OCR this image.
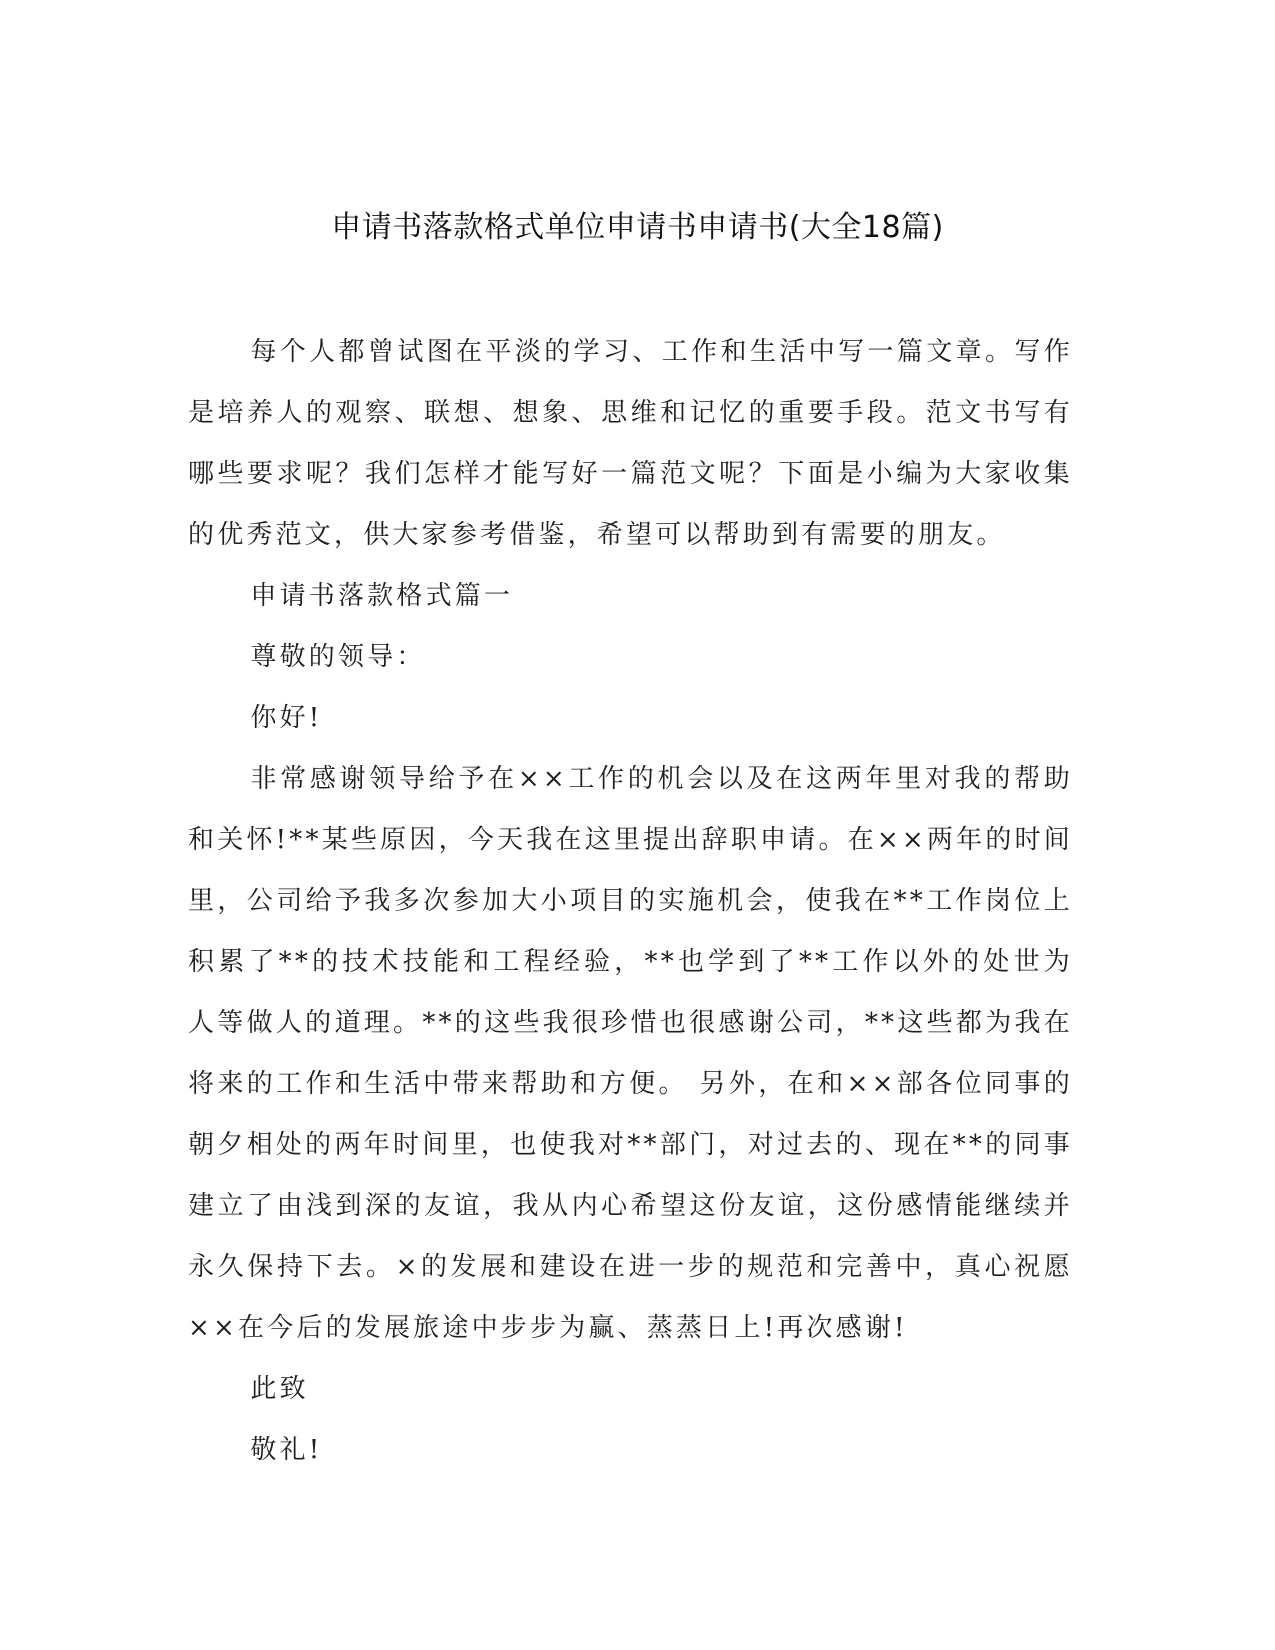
申请书落款格式单位申请书申请书(大全18篇)

每个人都曾试图在平淡的学习、工作和生活中写一篇文章。写作是培养人的观察、联想、想象、思维和记忆的重要手段。范文书写有哪些要求呢？我们怎样才能写好一篇范文呢？下面是小编为大家收集的优秀范文，供大家参考借鉴，希望可以帮助到有需要的朋友。

申请书落款格式篇一

尊敬的领导：

你好!

非常感谢领导给予在××工作的机会以及在这两年里对我的帮助和关怀!**某些原因，今天我在这里提出辞职申请。在××两年的时间里，公司给予我多次参加大小项目的实施机会，使我在**工作岗位上积累了**的技术技能和工程经验，**也学到了**工作以外的处世为人等做人的道理。**的这些我很珍惜也很感谢公司，**这些都为我在将来的工作和生活中带来帮助和方便。 另外，在和××部各位同事的朝夕相处的两年时间里，也使我对**部门，对过去的、现在**的同事建立了由浅到深的友谊，我从内心希望这份友谊，这份感情能继续并永久保持下去。×的发展和建设在进一步的规范和完善中，真心祝愿××在今后的发展旅途中步步为赢、蒸蒸日上!再次感谢!

此致

敬礼!
